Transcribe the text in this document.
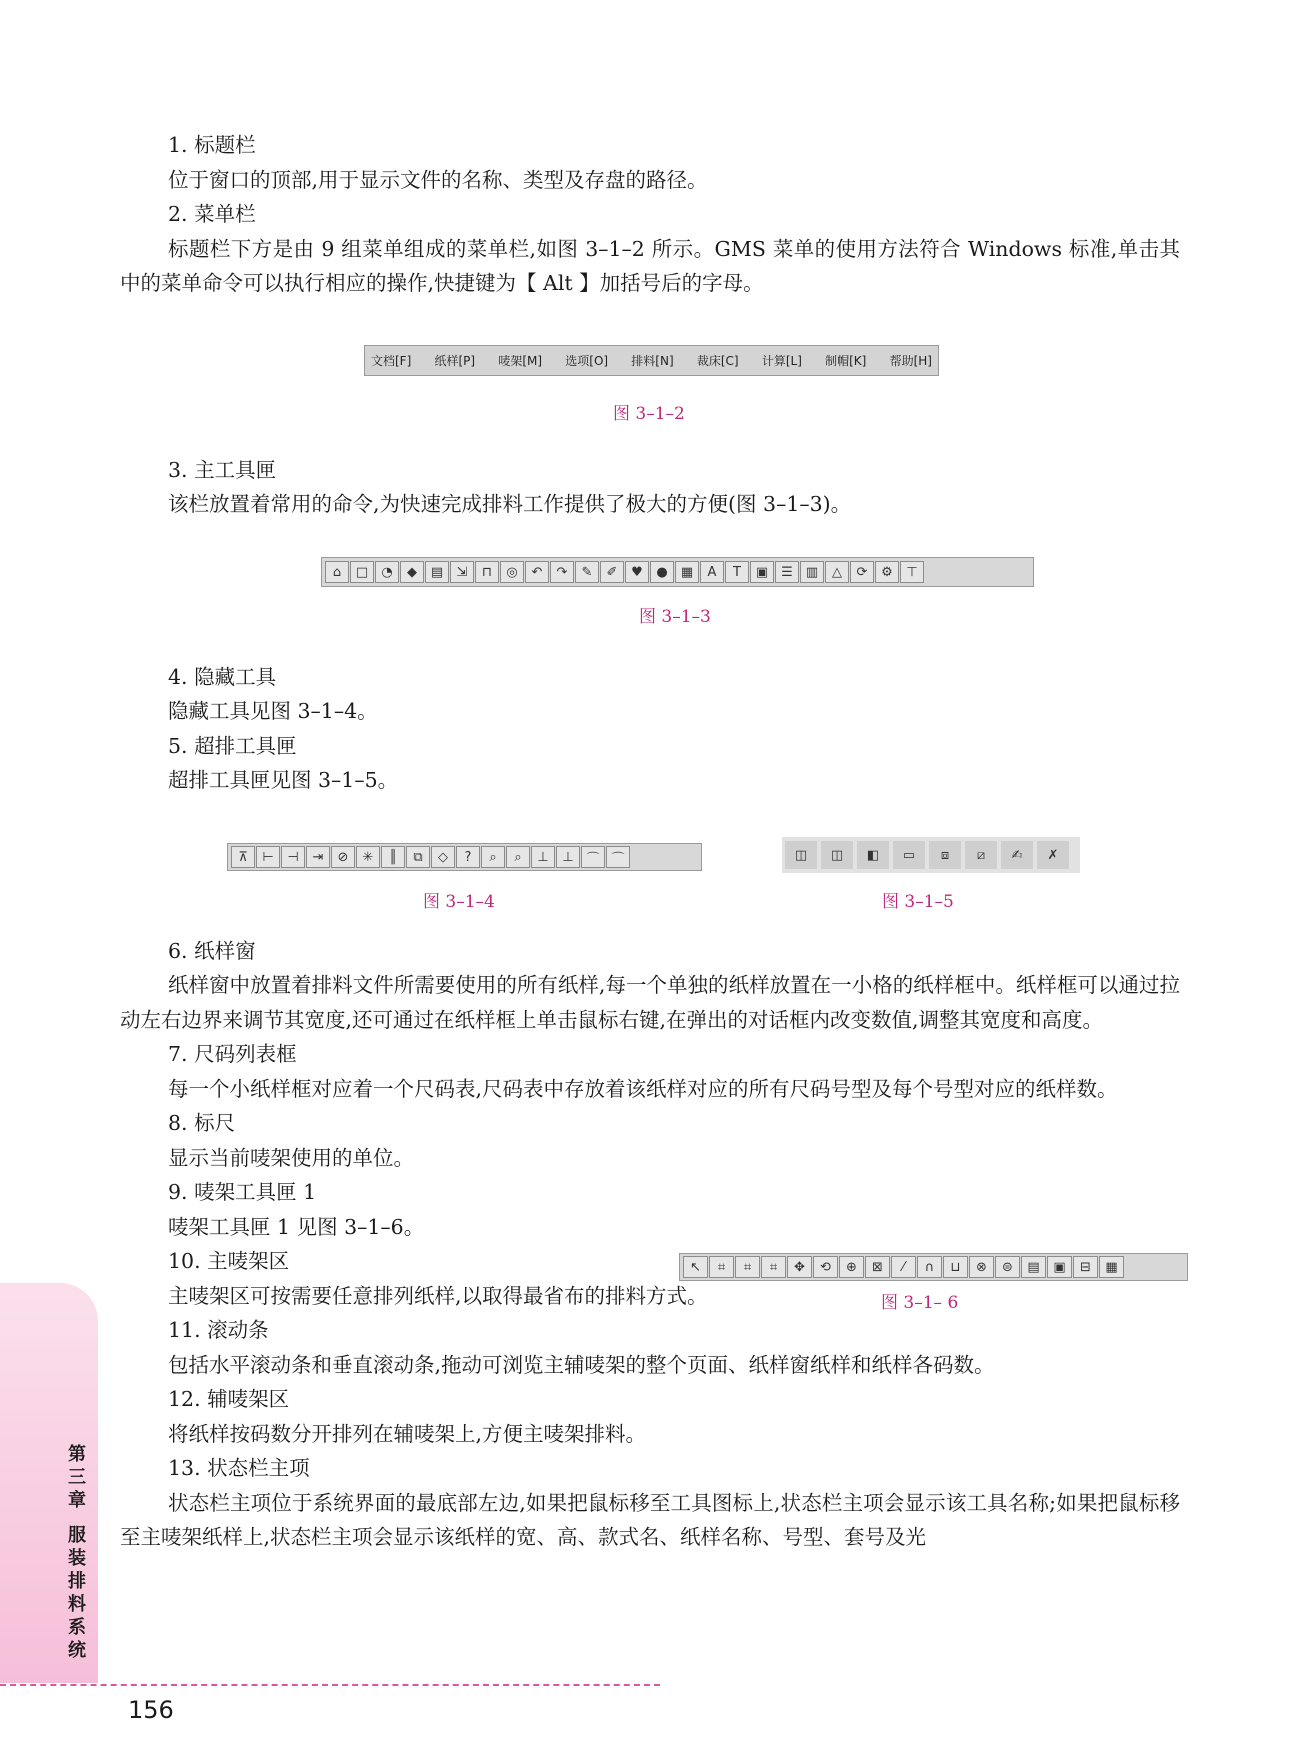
第三章
服装排料系统

1. 标题栏

位于窗口的顶部,用于显示文件的名称、类型及存盘的路径。

2. 菜单栏

标题栏下方是由 9 组菜单组成的菜单栏,如图 3–1–2 所示。GMS 菜单的使用方法符合 Windows 标准,单击其中的菜单命令可以执行相应的操作,快捷键为【 Alt 】加括号后的字母。

3. 主工具匣

该栏放置着常用的命令,为快速完成排料工作提供了极大的方便(图 3–1–3)。

4. 隐藏工具

隐藏工具见图 3–1–4。

5. 超排工具匣

超排工具匣见图 3–1–5。

6. 纸样窗

纸样窗中放置着排料文件所需要使用的所有纸样,每一个单独的纸样放置在一小格的纸样框中。纸样框可以通过拉动左右边界来调节其宽度,还可通过在纸样框上单击鼠标右键,在弹出的对话框内改变数值,调整其宽度和高度。

7. 尺码列表框

每一个小纸样框对应着一个尺码表,尺码表中存放着该纸样对应的所有尺码号型及每个号型对应的纸样数。

8. 标尺

显示当前唛架使用的单位。

9. 唛架工具匣 1

唛架工具匣 1 见图 3–1–6。

10. 主唛架区

主唛架区可按需要任意排列纸样,以取得最省布的排料方式。

11. 滚动条

包括水平滚动条和垂直滚动条,拖动可浏览主辅唛架的整个页面、纸样窗纸样和纸样各码数。

12. 辅唛架区

将纸样按码数分开排列在辅唛架上,方便主唛架排料。

13. 状态栏主项

状态栏主项位于系统界面的最底部左边,如果把鼠标移至工具图标上,状态栏主项会显示该工具名称;如果把鼠标移至主唛架纸样上,状态栏主项会显示该纸样的宽、高、款式名、纸样名称、号型、套号及光

文档[F] 纸样[P] 唛架[M] 选项[O] 排料[N] 裁床[C] 计算[L] 制帽[K] 帮助[H]
图 3–1–2
⌂	□	◔	◆	▤	⇲	⊓	◎	↶	↷	✎	✐	♥	●	▦	A	T	▣	☰	▥	△	⟳	⚙	⊤
图 3–1–3
⊼	⊢	⊣	⇥	⊘	✳	║	⧉	◇	?	⌕	⌕	⊥	⊥ ⌒ ⌒
图 3–1–4
◫	◫	◧	▭	⧈	⧄	✍	✗
图 3–1–5
↖	⌗	⌗	⌗	✥	⟲	⊕	⊠	⁄	∩	⊔	⊗	⊜	▤	▣	⊟	▦
图 3–1– 6
156
